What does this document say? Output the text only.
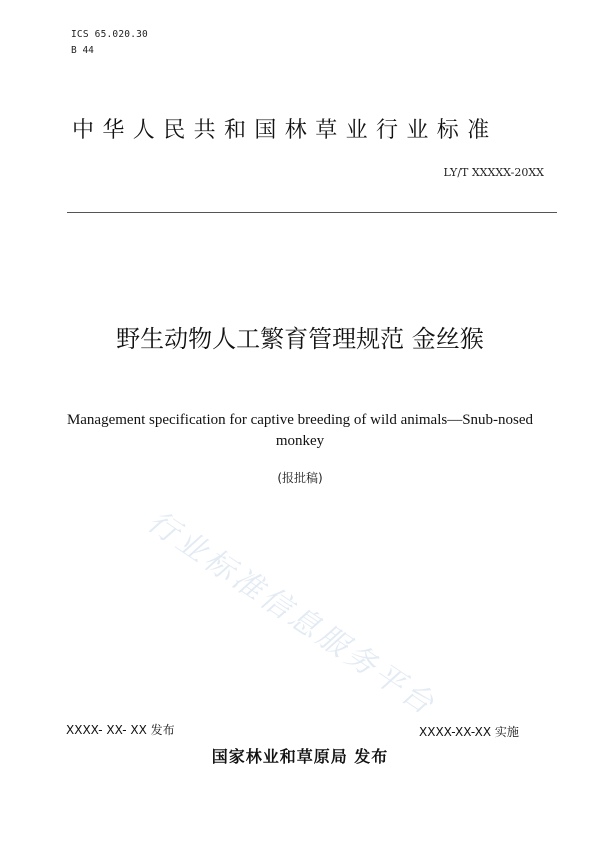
ICS 65.020.30
B 44
中华人民共和国林草业行业标准
LY/T XXXXX-20XX
野生动物人工繁育管理规范 金丝猴
Management specification for captive breeding of wild animals—Snub-nosed monkey
(报批稿)
行业标准信息服务平台
XXXX- XX- XX 发布	XXXX-XX-XX 实施
国家林业和草原局 发布
